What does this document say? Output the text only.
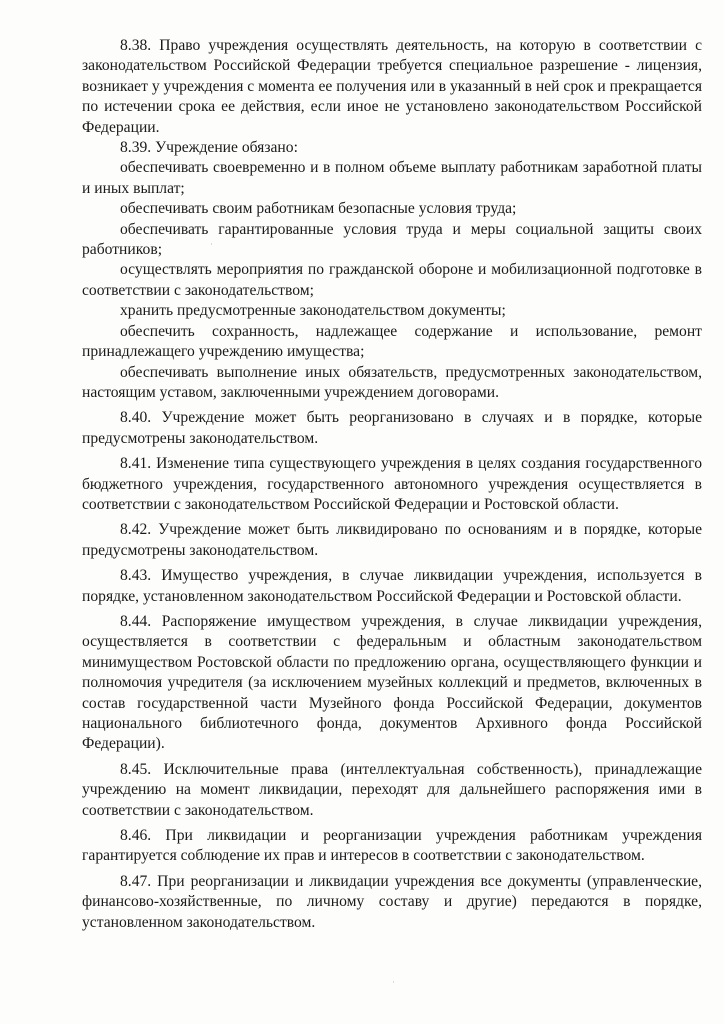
8.38. Право учреждения осуществлять деятельность, на которую в соответствии с законодательством Российской Федерации требуется специальное разрешение - лицензия, возникает у учреждения с момента ее получения или в указанный в ней срок и прекращается по истечении срока ее действия, если иное не установлено законодательством Российской Федерации.

8.39. Учреждение обязано:

обеспечивать своевременно и в полном объеме выплату работникам заработной платы и иных выплат;

обеспечивать своим работникам безопасные условия труда;

обеспечивать гарантированные условия труда и меры социальной защиты своих работников;

осуществлять мероприятия по гражданской обороне и мобилизационной подготовке в соответствии с законодательством;

хранить предусмотренные законодательством документы;

обеспечить сохранность, надлежащее содержание и использование, ремонт принадлежащего учреждению имущества;

обеспечивать выполнение иных обязательств, предусмотренных законодательством, настоящим уставом, заключенными учреждением договорами.

8.40. Учреждение может быть реорганизовано в случаях и в порядке, которые предусмотрены законодательством.

8.41. Изменение типа существующего учреждения в целях создания государственного бюджетного учреждения, государственного автономного учреждения осуществляется в соответствии с законодательством Российской Федерации и Ростовской области.

8.42. Учреждение может быть ликвидировано по основаниям и в порядке, которые предусмотрены законодательством.

8.43. Имущество учреждения, в случае ликвидации учреждения, используется в порядке, установленном законодательством Российской Федерации и Ростовской области.

8.44. Распоряжение имуществом учреждения, в случае ликвидации учреждения, осуществляется в соответствии с федеральным и областным законодательством минимуществом Ростовской области по предложению органа, осуществляющего функции и полномочия учредителя (за исключением музейных коллекций и предметов, включенных в состав государственной части Музейного фонда Российской Федерации, документов национального библиотечного фонда, документов Архивного фонда Российской Федерации).

8.45. Исключительные права (интеллектуальная собственность), принадлежащие учреждению на момент ликвидации, переходят для дальнейшего распоряжения ими в соответствии с законодательством.

8.46. При ликвидации и реорганизации учреждения работникам учреждения гарантируется соблюдение их прав и интересов в соответствии с законодательством.

8.47. При реорганизации и ликвидации учреждения все документы (управленческие, финансово-хозяйственные, по личному составу и другие) передаются в порядке, установленном законодательством.

·
·
